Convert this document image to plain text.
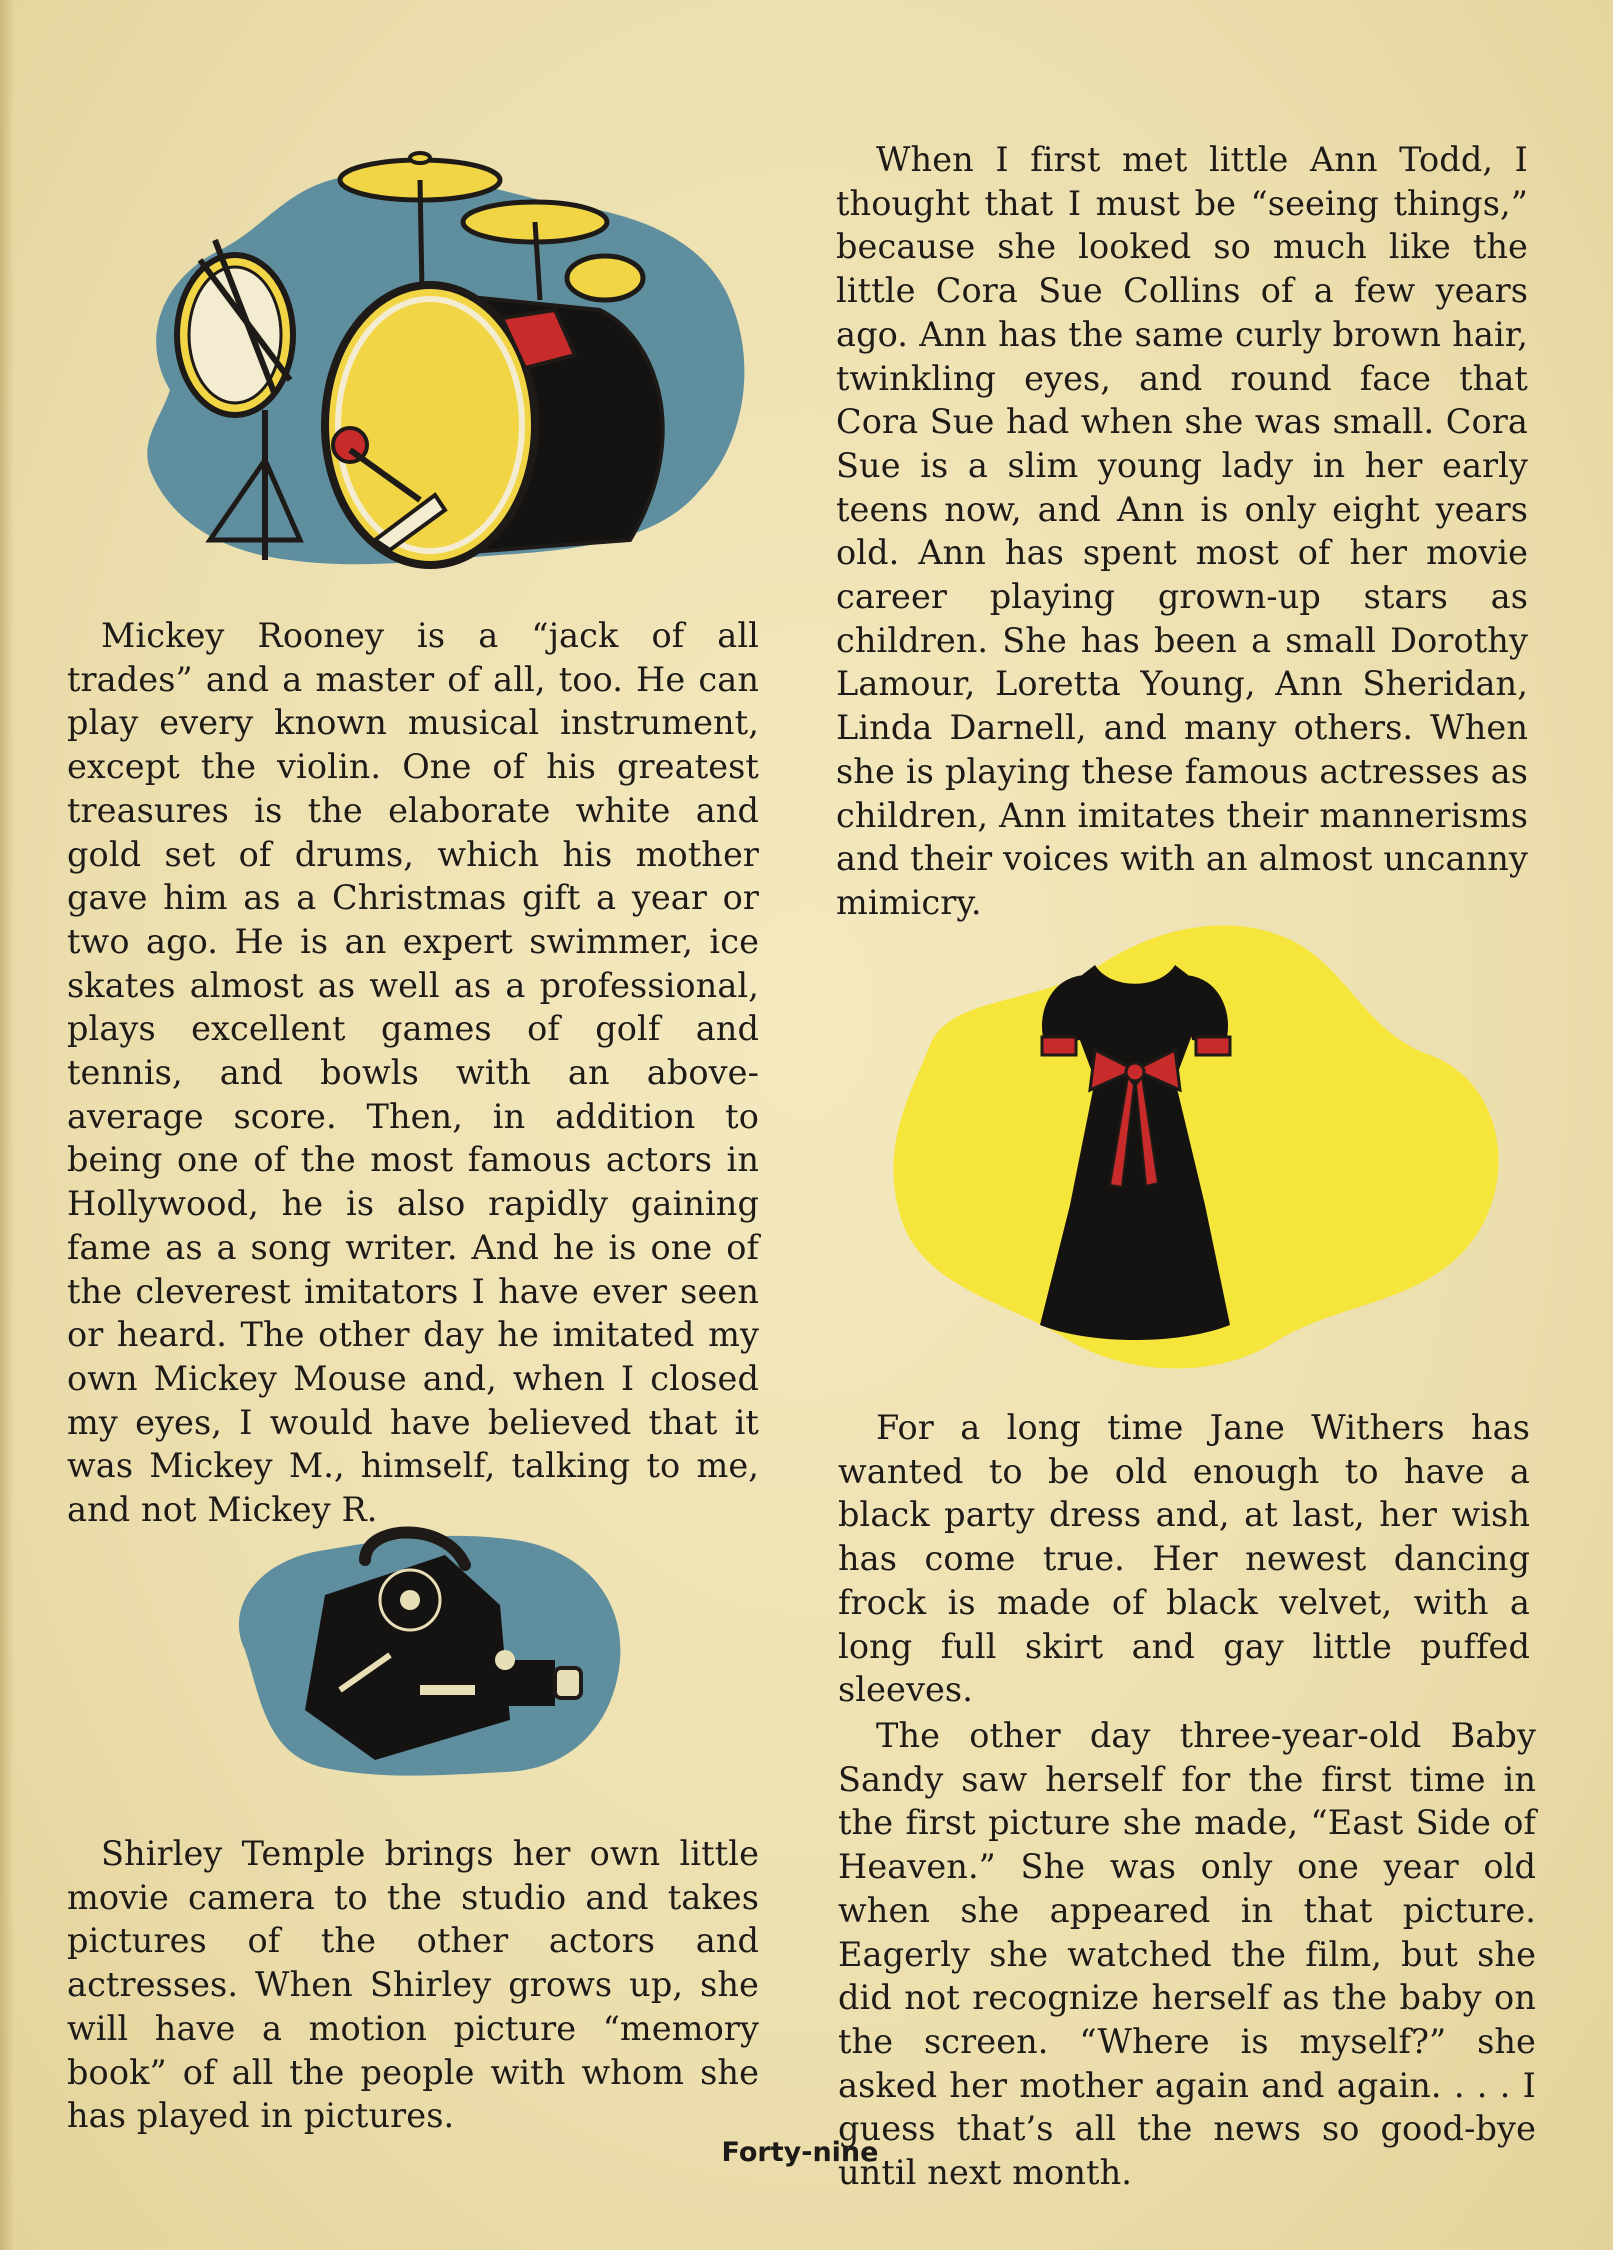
Mickey Rooney is a “jack of all trades” and a master of all, too. He can play every known musical instrument, except the violin. One of his greatest treasures is the elaborate white and gold set of drums, which his mother gave him as a Christmas gift a year or two ago. He is an expert swimmer, ice skates almost as well as a professional, plays excellent games of golf and tennis, and bowls with an above-average score. Then, in addition to being one of the most famous actors in Hollywood, he is also rapidly gaining fame as a song writer. And he is one of the cleverest imitators I have ever seen or heard. The other day he imitated my own Mickey Mouse and, when I closed my eyes, I would have believed that it was Mickey M., himself, talking to me, and not Mickey R.

Shirley Temple brings her own little movie camera to the studio and takes pictures of the other actors and actresses. When Shirley grows up, she will have a motion picture “memory book” of all the people with whom she has played in pictures.

When I first met little Ann Todd, I thought that I must be “seeing things,” because she looked so much like the little Cora Sue Collins of a few years ago. Ann has the same curly brown hair, twinkling eyes, and round face that Cora Sue had when she was small. Cora Sue is a slim young lady in her early teens now, and Ann is only eight years old. Ann has spent most of her movie career playing grown-up stars as children. She has been a small Dorothy Lamour, Loretta Young, Ann Sheridan, Linda Darnell, and many others. When she is playing these famous actresses as children, Ann imitates their mannerisms and their voices with an almost uncanny mimicry.

For a long time Jane Withers has wanted to be old enough to have a black party dress and, at last, her wish has come true. Her newest dancing frock is made of black velvet, with a long full skirt and gay little puffed sleeves.

The other day three-year-old Baby Sandy saw herself for the first time in the first picture she made, “East Side of Heaven.” She was only one year old when she appeared in that picture. Eagerly she watched the film, but she did not recognize herself as the baby on the screen. “Where is myself?” she asked her mother again and again. . . . I guess that’s all the news so good-bye until next month.

Forty-nine
